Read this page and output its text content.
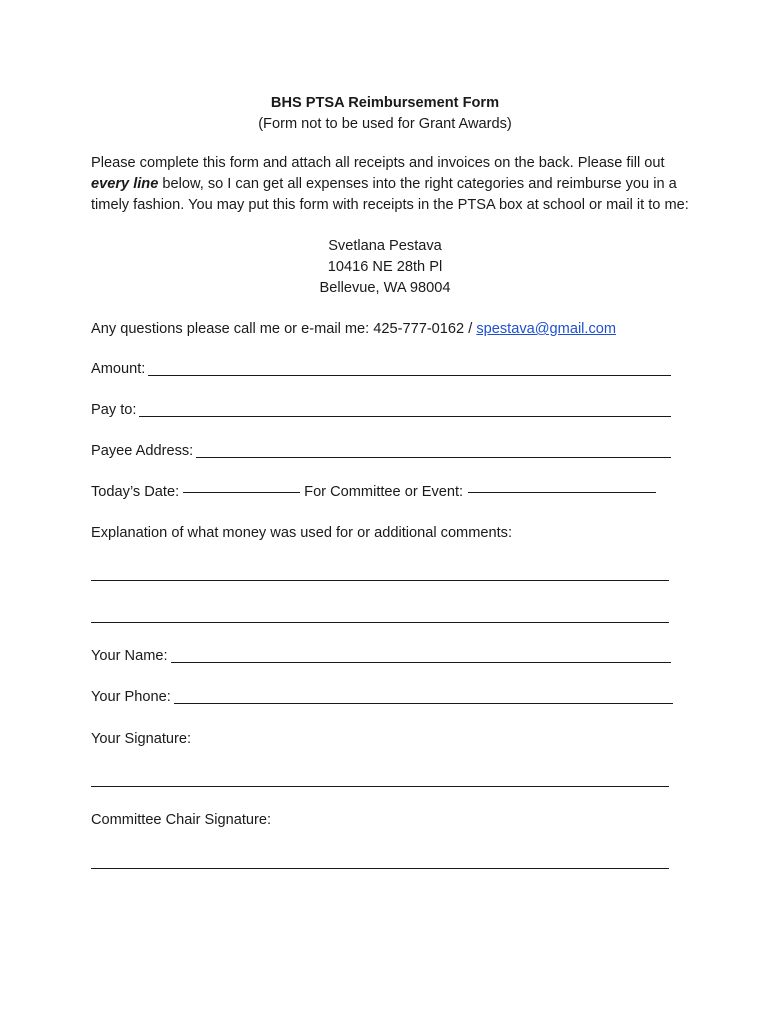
BHS PTSA Reimbursement Form
(Form not to be used for Grant Awards)

Please complete this form and attach all receipts and invoices on the back. Please fill out every line below, so I can get all expenses into the right categories and reimburse you in a timely fashion. You may put this form with receipts in the PTSA box at school or mail it to me:

Svetlana Pestava
10416 NE 28th Pl
Bellevue, WA 98004
Any questions please call me or e-mail me: 425-777-0162 / spestava@gmail.com
Amount:
Pay to:
Payee Address:
Today’s Date:	For Committee or Event:
Explanation of what money was used for or additional comments:
Your Name:
Your Phone:
Your Signature:
Committee Chair Signature:
